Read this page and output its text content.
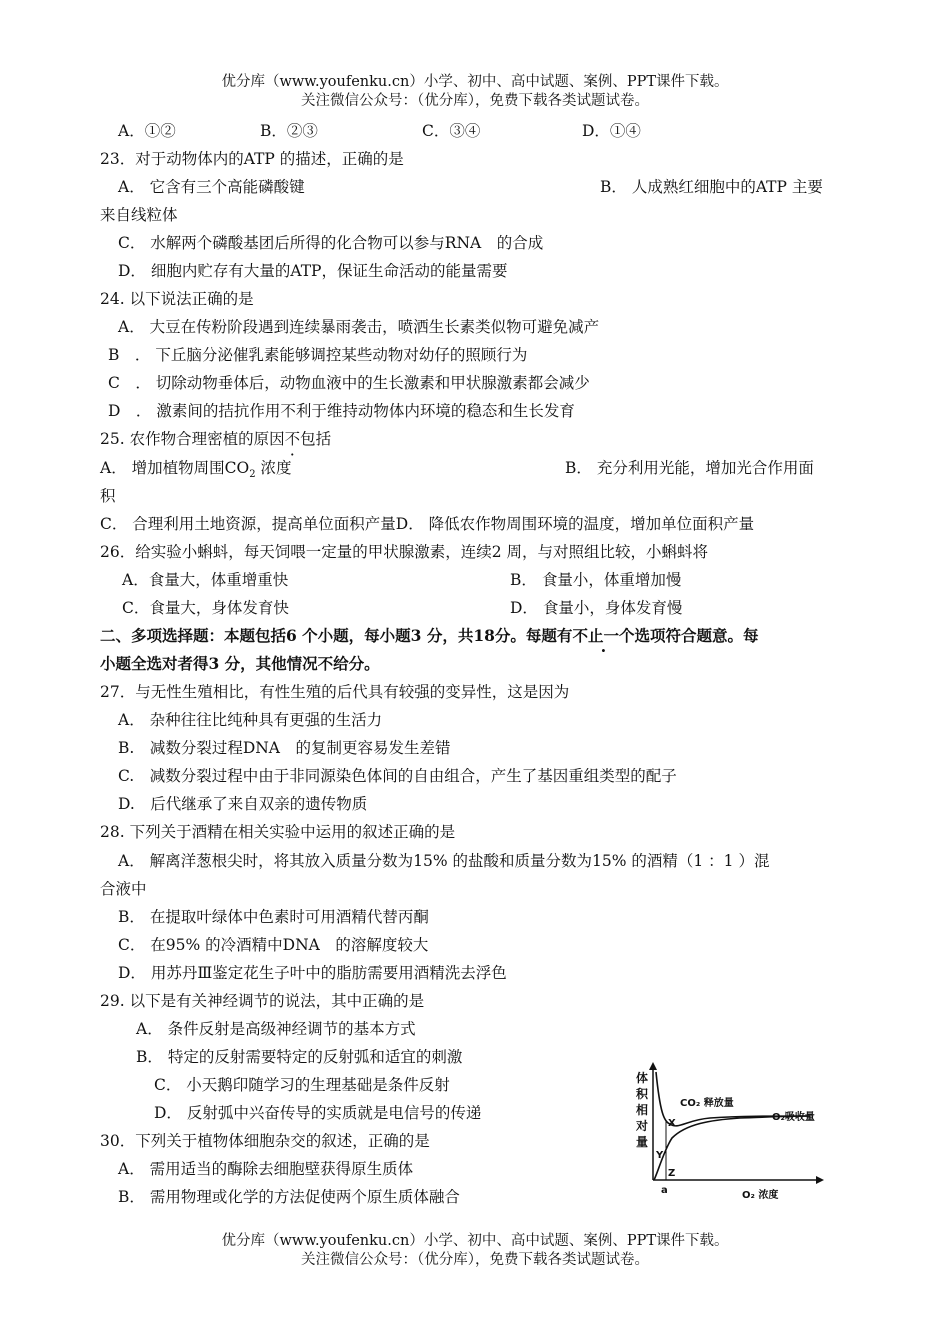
优分库（www.youfenku.cn）小学、初中、高中试题、案例、PPT课件下载。
关注微信公众号：（优分库），免费下载各类试题试卷。
A．①②	B．②③	C．③④	D．①④
23．对于动物体内的ATP 的描述，正确的是
A． 它含有三个高能磷酸键	B． 人成熟红细胞中的ATP 主要
来自线粒体
C． 水解两个磷酸基团后所得的化合物可以参与RNA　的合成
D． 细胞内贮存有大量的ATP，保证生命活动的能量需要
24. 以下说法正确的是
A． 大豆在传粉阶段遇到连续暴雨袭击，喷洒生长素类似物可避免减产
B　． 下丘脑分泌催乳素能够调控某些动物对幼仔的照顾行为
C　． 切除动物垂体后，动物血液中的生长激素和甲状腺激素都会减少
D　． 激素间的拮抗作用不利于维持动物体内环境的稳态和生长发育
25. 农作物合理密植的原因不包括
A． 增加植物周围$CO_2$ 浓度	B． 充分利用光能，增加光合作用面
积
C． 合理利用土地资源，提高单位面积产量D． 降低农作物周围环境的温度，增加单位面积产量
26．给实验小蝌蚪，每天饲喂一定量的甲状腺激素，连续2 周，与对照组比较，小蝌蚪将
A．食量大，体重增重快	B． 食量小，体重增加慢
C．食量大，身体发育快	D． 食量小，身体发育慢
二、多项选择题：本题包括6 个小题，每小题3 分，共18分。每题有不止一个选项符合题意。每
小题全选对者得3 分，其他情况不给分。
27．与无性生殖相比，有性生殖的后代具有较强的变异性，这是因为
A． 杂种往往比纯种具有更强的生活力
B.　减数分裂过程DNA　的复制更容易发生差错
C.　减数分裂过程中由于非同源染色体间的自由组合，产生了基因重组类型的配子
D.　后代继承了来自双亲的遗传物质
28. 下列关于酒精在相关实验中运用的叙述正确的是
A． 解离洋葱根尖时，将其放入质量分数为15% 的盐酸和质量分数为15% 的酒精（1 ：1 ）混
合液中
B． 在提取叶绿体中色素时可用酒精代替丙酮
C． 在95% 的冷酒精中DNA　的溶解度较大
D． 用苏丹Ⅲ鉴定花生子叶中的脂肪需要用酒精洗去浮色
29. 以下是有关神经调节的说法，其中正确的是
A． 条件反射是高级神经调节的基本方式
B． 特定的反射需要特定的反射弧和适宜的刺激
C． 小天鹅印随学习的生理基础是条件反射
D． 反射弧中兴奋传导的实质就是电信号的传递
30．下列关于植物体细胞杂交的叙述，正确的是
A． 需用适当的酶除去细胞壁获得原生质体
B． 需用物理或化学的方法促使两个原生质体融合
体
积
相
对
量
CO₂ 释放量
O₂吸收量
X
Y
Z
a	O₂ 浓度
优分库（www.youfenku.cn）小学、初中、高中试题、案例、PPT课件下载。
关注微信公众号：（优分库），免费下载各类试题试卷。
